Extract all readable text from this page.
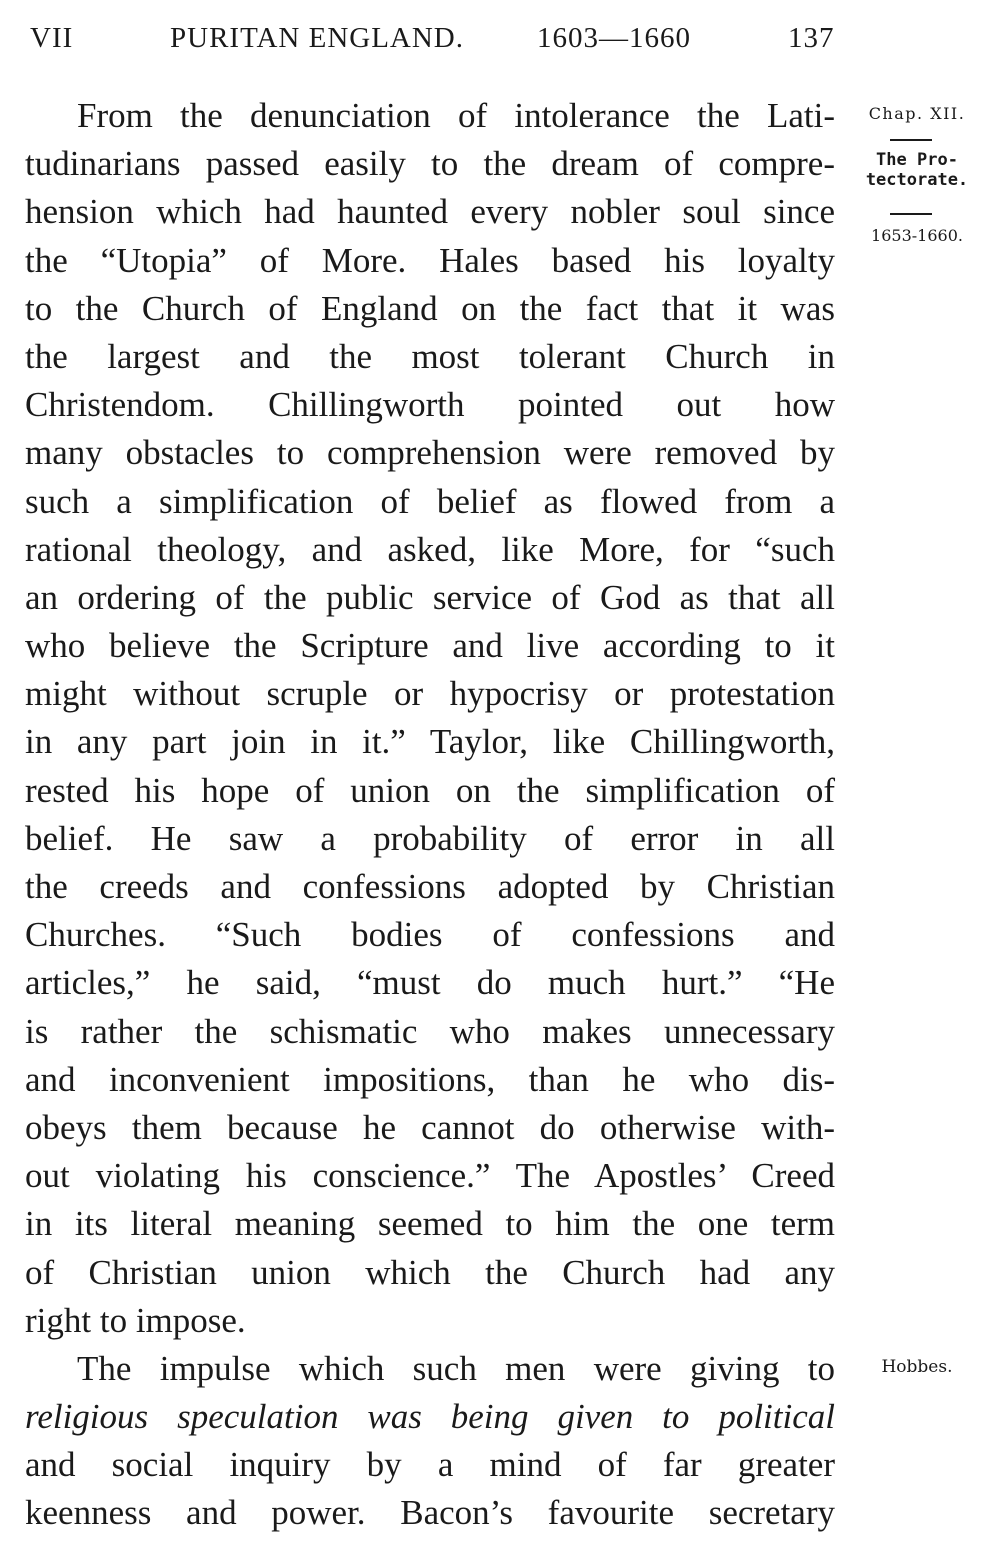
VII	PURITAN ENGLAND.	1603—1660	137
Chap. XII.
The Pro-
tectorate.
1653-1660.
Hobbes.
From the denunciation of intolerance the Lati-
tudinarians passed easily to the dream of compre-
hension which had haunted every nobler soul since
the “Utopia” of More. Hales based his loyalty
to the Church of England on the fact that it was
the largest and the most tolerant Church in
Christendom. Chillingworth pointed out how
many obstacles to comprehension were removed by
such a simplification of belief as flowed from a
rational theology, and asked, like More, for “such
an ordering of the public service of God as that all
who believe the Scripture and live according to it
might without scruple or hypocrisy or protestation
in any part join in it.” Taylor, like Chillingworth,
rested his hope of union on the simplification of
belief. He saw a probability of error in all
the creeds and confessions adopted by Christian
Churches. “Such bodies of confessions and
articles,” he said, “must do much hurt.” “He
is rather the schismatic who makes unnecessary
and inconvenient impositions, than he who dis-
obeys them because he cannot do otherwise with-
out violating his conscience.” The Apostles’ Creed
in its literal meaning seemed to him the one term
of Christian union which the Church had any
right to impose.
The impulse which such men were giving to
religious speculation was being given to political
and social inquiry by a mind of far greater
keenness and power. Bacon’s favourite secretary
